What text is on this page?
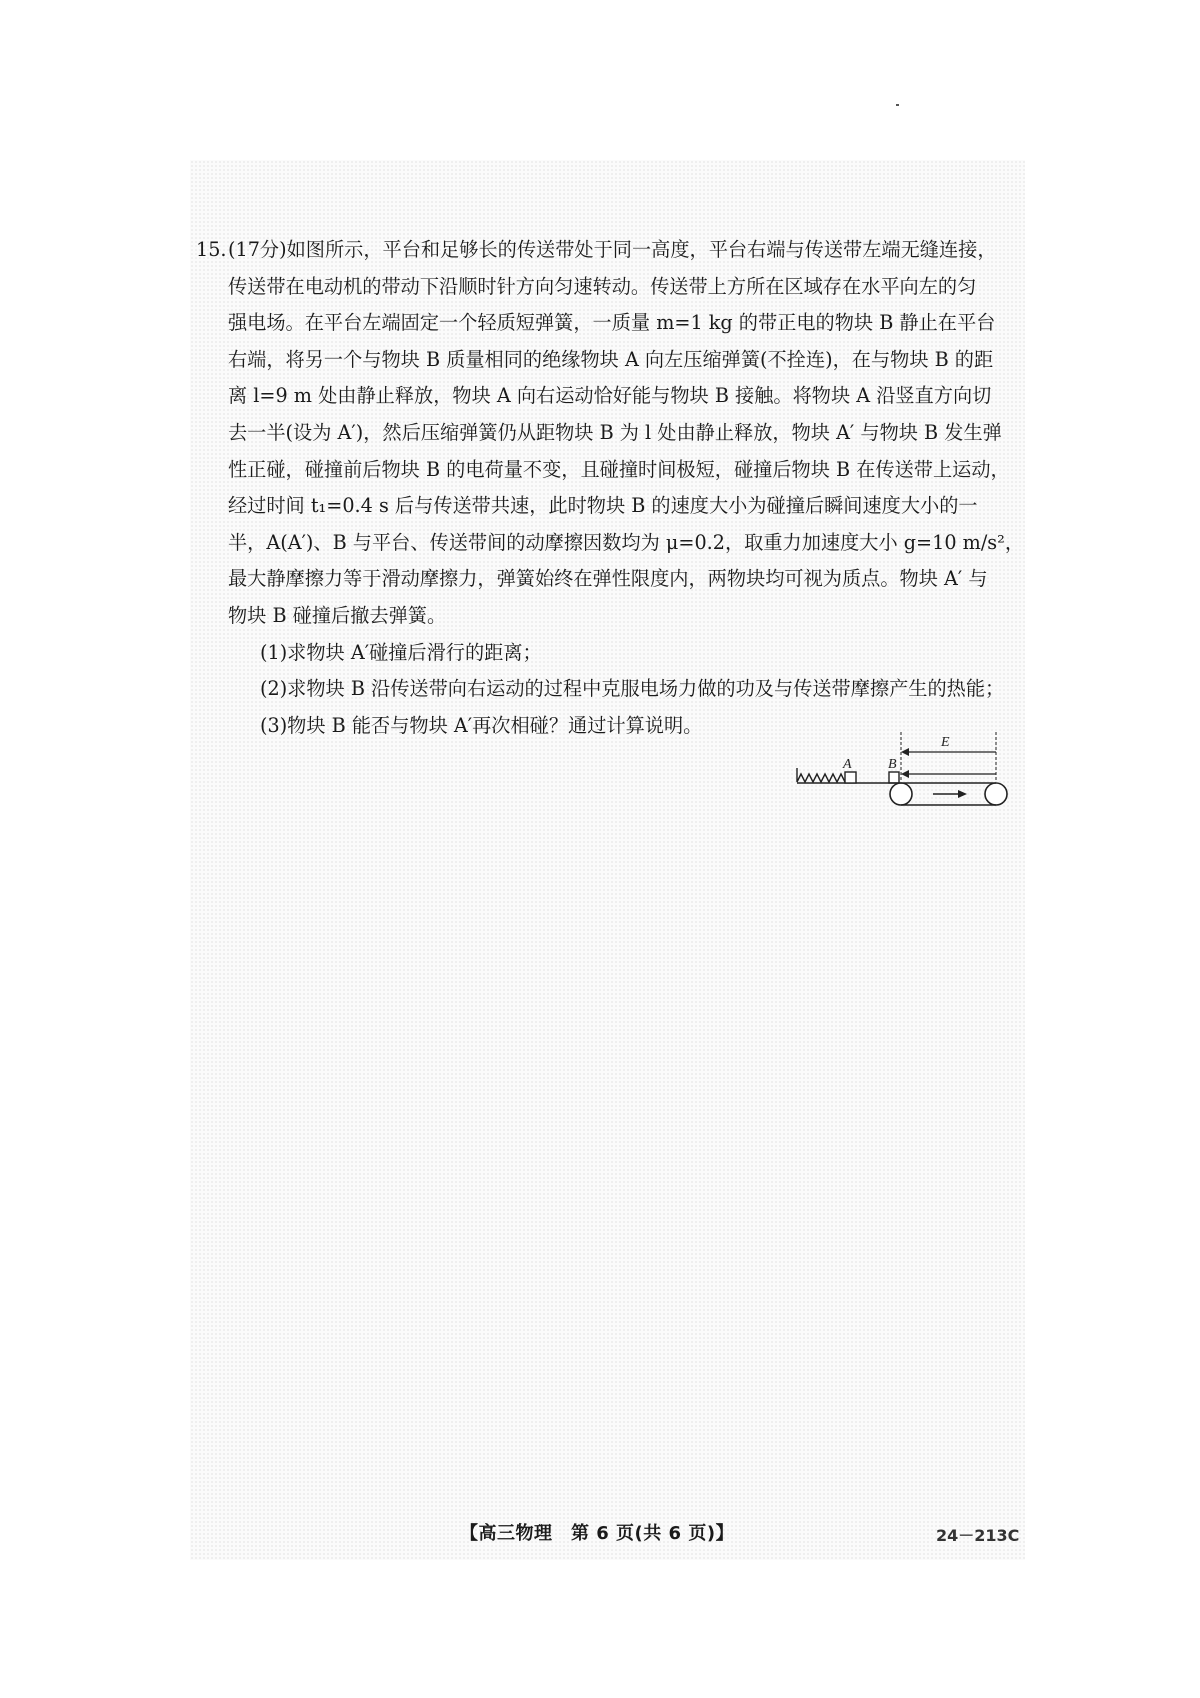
15.(17分)如图所示，平台和足够长的传送带处于同一高度，平台右端与传送带左端无缝连接，
传送带在电动机的带动下沿顺时针方向匀速转动。传送带上方所在区域存在水平向左的匀
强电场。在平台左端固定一个轻质短弹簧，一质量 m=1 kg 的带正电的物块 B 静止在平台
右端，将另一个与物块 B 质量相同的绝缘物块 A 向左压缩弹簧(不拴连)，在与物块 B 的距
离 l=9 m 处由静止释放，物块 A 向右运动恰好能与物块 B 接触。将物块 A 沿竖直方向切
去一半(设为 A′)，然后压缩弹簧仍从距物块 B 为 l 处由静止释放，物块 A′ 与物块 B 发生弹
性正碰，碰撞前后物块 B 的电荷量不变，且碰撞时间极短，碰撞后物块 B 在传送带上运动，
经过时间 t₁=0.4 s 后与传送带共速，此时物块 B 的速度大小为碰撞后瞬间速度大小的一
半，A(A′)、B 与平台、传送带间的动摩擦因数均为 μ=0.2，取重力加速度大小 g=10 m/s²，
最大静摩擦力等于滑动摩擦力，弹簧始终在弹性限度内，两物块均可视为质点。物块 A′ 与
物块 B 碰撞后撤去弹簧。
(1)求物块 A′碰撞后滑行的距离；
(2)求物块 B 沿传送带向右运动的过程中克服电场力做的功及与传送带摩擦产生的热能；
(3)物块 B 能否与物块 A′再次相碰？通过计算说明。
A	B
E
【高三物理　第 6 页(共 6 页)】	24－213C
